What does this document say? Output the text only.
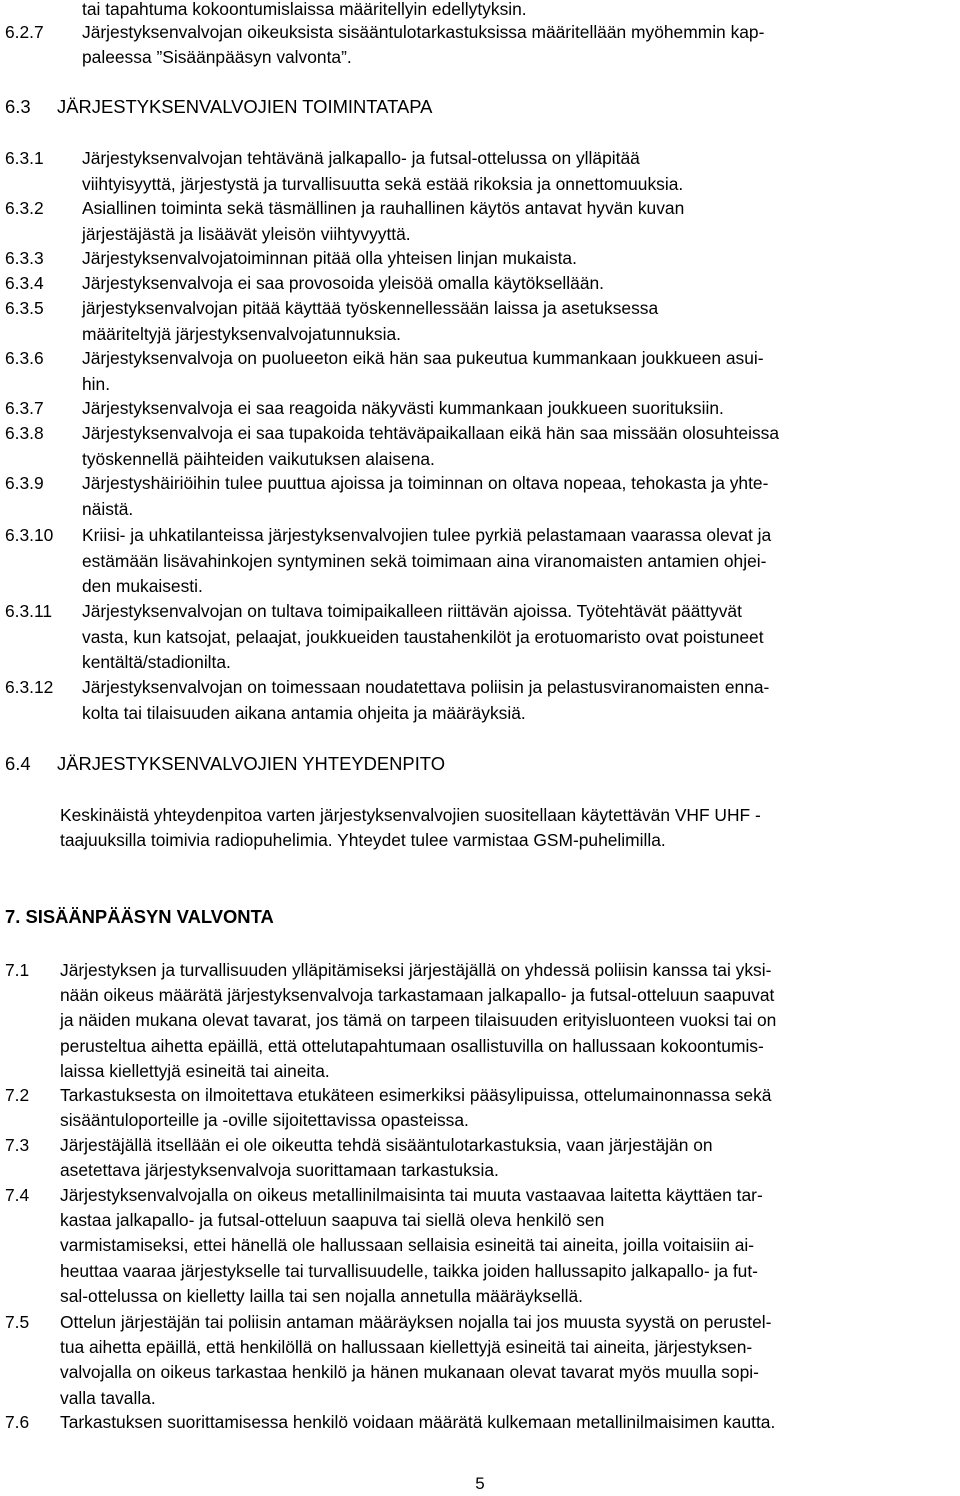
tai tapahtuma kokoontumislaissa määritellyin edellytyksin.
6.2.7 Järjestyksenvalvojan oikeuksista sisääntulotarkastuksissa määritellään myöhemmin kap-
paleessa ”Sisäänpääsyn valvonta”.
6.3 JÄRJESTYKSENVALVOJIEN TOIMINTATAPA
6.3.1 Järjestyksenvalvojan tehtävänä jalkapallo- ja futsal-ottelussa on ylläpitää
viihtyisyyttä, järjestystä ja turvallisuutta sekä estää rikoksia ja onnettomuuksia.
6.3.2 Asiallinen toiminta sekä täsmällinen ja rauhallinen käytös antavat hyvän kuvan
järjestäjästä ja lisäävät yleisön viihtyvyyttä.
6.3.3 Järjestyksenvalvojatoiminnan pitää olla yhteisen linjan mukaista.
6.3.4 Järjestyksenvalvoja ei saa provosoida yleisöä omalla käytöksellään.
6.3.5 järjestyksenvalvojan pitää käyttää työskennellessään laissa ja asetuksessa
määriteltyjä järjestyksenvalvojatunnuksia.
6.3.6 Järjestyksenvalvoja on puolueeton eikä hän saa pukeutua kummankaan joukkueen asui-
hin.
6.3.7 Järjestyksenvalvoja ei saa reagoida näkyvästi kummankaan joukkueen suorituksiin.
6.3.8 Järjestyksenvalvoja ei saa tupakoida tehtäväpaikallaan eikä hän saa missään olosuhteissa
työskennellä päihteiden vaikutuksen alaisena.
6.3.9 Järjestyshäiriöihin tulee puuttua ajoissa ja toiminnan on oltava nopeaa, tehokasta ja yhte-
näistä.
6.3.10 Kriisi- ja uhkatilanteissa järjestyksenvalvojien tulee pyrkiä pelastamaan vaarassa olevat ja
estämään lisävahinkojen syntyminen sekä toimimaan aina viranomaisten antamien ohjei-
den mukaisesti.
6.3.11 Järjestyksenvalvojan on tultava toimipaikalleen riittävän ajoissa. Työtehtävät päättyvät
vasta, kun katsojat, pelaajat, joukkueiden taustahenkilöt ja erotuomaristo ovat poistuneet
kentältä/stadionilta.
6.3.12 Järjestyksenvalvojan on toimessaan noudatettava poliisin ja pelastusviranomaisten enna-
kolta tai tilaisuuden aikana antamia ohjeita ja määräyksiä.
6.4 JÄRJESTYKSENVALVOJIEN YHTEYDENPITO
Keskinäistä yhteydenpitoa varten järjestyksenvalvojien suositellaan käytettävän VHF UHF -
taajuuksilla toimivia radiopuhelimia. Yhteydet tulee varmistaa GSM-puhelimilla.
7. SISÄÄNPÄÄSYN VALVONTA
7.1 Järjestyksen ja turvallisuuden ylläpitämiseksi järjestäjällä on yhdessä poliisin kanssa tai yksi-
nään oikeus määrätä järjestyksenvalvoja tarkastamaan jalkapallo- ja futsal-otteluun saapuvat
ja näiden mukana olevat tavarat, jos tämä on tarpeen tilaisuuden erityisluonteen vuoksi tai on
perusteltua aihetta epäillä, että ottelutapahtumaan osallistuvilla on hallussaan kokoontumis-
laissa kiellettyjä esineitä tai aineita.
7.2 Tarkastuksesta on ilmoitettava etukäteen esimerkiksi pääsylipuissa, ottelumainonnassa sekä
sisääntuloporteille ja -oville sijoitettavissa opasteissa.
7.3 Järjestäjällä itsellään ei ole oikeutta tehdä sisääntulotarkastuksia, vaan järjestäjän on
asetettava järjestyksenvalvoja suorittamaan tarkastuksia.
7.4 Järjestyksenvalvojalla on oikeus metallinilmaisinta tai muuta vastaavaa laitetta käyttäen tar-
kastaa jalkapallo- ja futsal-otteluun saapuva tai siellä oleva henkilö sen
varmistamiseksi, ettei hänellä ole hallussaan sellaisia esineitä tai aineita, joilla voitaisiin ai-
heuttaa vaaraa järjestykselle tai turvallisuudelle, taikka joiden hallussapito jalkapallo- ja fut-
sal-ottelussa on kielletty lailla tai sen nojalla annetulla määräyksellä.
7.5 Ottelun järjestäjän tai poliisin antaman määräyksen nojalla tai jos muusta syystä on perustel-
tua aihetta epäillä, että henkilöllä on hallussaan kiellettyjä esineitä tai aineita, järjestyksen-
valvojalla on oikeus tarkastaa henkilö ja hänen mukanaan olevat tavarat myös muulla sopi-
valla tavalla.
7.6 Tarkastuksen suorittamisessa henkilö voidaan määrätä kulkemaan metallinilmaisimen kautta.
5
